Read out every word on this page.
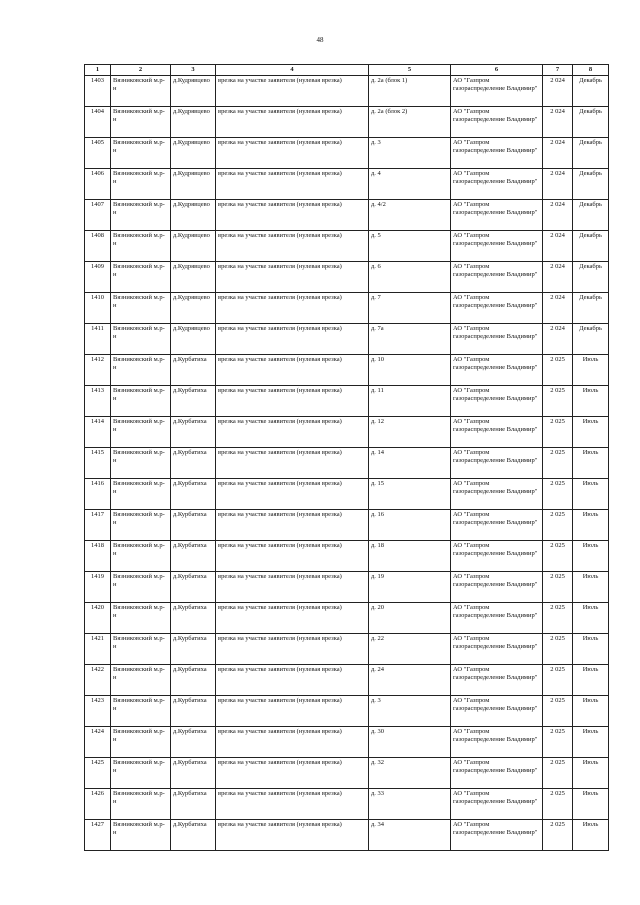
48
1	2	3	4	5	6	7	8
1403	Вязниковский м.р-н	д.Кудрявцево	врезка на участке заявителя (нулевая врезка)	д. 2а (блок 1)	АО "Газпром газораспределение Владимир"	2 024	Декабрь
1404	Вязниковский м.р-н	д.Кудрявцево	врезка на участке заявителя (нулевая врезка)	д. 2а (блок 2)	АО "Газпром газораспределение Владимир"	2 024	Декабрь
1405	Вязниковский м.р-н	д.Кудрявцево	врезка на участке заявителя (нулевая врезка)	д. 3	АО "Газпром газораспределение Владимир"	2 024	Декабрь
1406	Вязниковский м.р-н	д.Кудрявцево	врезка на участке заявителя (нулевая врезка)	д. 4	АО "Газпром газораспределение Владимир"	2 024	Декабрь
1407	Вязниковский м.р-н	д.Кудрявцево	врезка на участке заявителя (нулевая врезка)	д. 4/2	АО "Газпром газораспределение Владимир"	2 024	Декабрь
1408	Вязниковский м.р-н	д.Кудрявцево	врезка на участке заявителя (нулевая врезка)	д. 5	АО "Газпром газораспределение Владимир"	2 024	Декабрь
1409	Вязниковский м.р-н	д.Кудрявцево	врезка на участке заявителя (нулевая врезка)	д. 6	АО "Газпром газораспределение Владимир"	2 024	Декабрь
1410	Вязниковский м.р-н	д.Кудрявцево	врезка на участке заявителя (нулевая врезка)	д. 7	АО "Газпром газораспределение Владимир"	2 024	Декабрь
1411	Вязниковский м.р-н	д.Кудрявцево	врезка на участке заявителя (нулевая врезка)	д. 7а	АО "Газпром газораспределение Владимир"	2 024	Декабрь
1412	Вязниковский м.р-н	д.Курбатиха	врезка на участке заявителя (нулевая врезка)	д. 10	АО "Газпром газораспределение Владимир"	2 025	Июль
1413	Вязниковский м.р-н	д.Курбатиха	врезка на участке заявителя (нулевая врезка)	д. 11	АО "Газпром газораспределение Владимир"	2 025	Июль
1414	Вязниковский м.р-н	д.Курбатиха	врезка на участке заявителя (нулевая врезка)	д. 12	АО "Газпром газораспределение Владимир"	2 025	Июль
1415	Вязниковский м.р-н	д.Курбатиха	врезка на участке заявителя (нулевая врезка)	д. 14	АО "Газпром газораспределение Владимир"	2 025	Июль
1416	Вязниковский м.р-н	д.Курбатиха	врезка на участке заявителя (нулевая врезка)	д. 15	АО "Газпром газораспределение Владимир"	2 025	Июль
1417	Вязниковский м.р-н	д.Курбатиха	врезка на участке заявителя (нулевая врезка)	д. 16	АО "Газпром газораспределение Владимир"	2 025	Июль
1418	Вязниковский м.р-н	д.Курбатиха	врезка на участке заявителя (нулевая врезка)	д. 18	АО "Газпром газораспределение Владимир"	2 025	Июль
1419	Вязниковский м.р-н	д.Курбатиха	врезка на участке заявителя (нулевая врезка)	д. 19	АО "Газпром газораспределение Владимир"	2 025	Июль
1420	Вязниковский м.р-н	д.Курбатиха	врезка на участке заявителя (нулевая врезка)	д. 20	АО "Газпром газораспределение Владимир"	2 025	Июль
1421	Вязниковский м.р-н	д.Курбатиха	врезка на участке заявителя (нулевая врезка)	д. 22	АО "Газпром газораспределение Владимир"	2 025	Июль
1422	Вязниковский м.р-н	д.Курбатиха	врезка на участке заявителя (нулевая врезка)	д. 24	АО "Газпром газораспределение Владимир"	2 025	Июль
1423	Вязниковский м.р-н	д.Курбатиха	врезка на участке заявителя (нулевая врезка)	д. 3	АО "Газпром газораспределение Владимир"	2 025	Июль
1424	Вязниковский м.р-н	д.Курбатиха	врезка на участке заявителя (нулевая врезка)	д. 30	АО "Газпром газораспределение Владимир"	2 025	Июль
1425	Вязниковский м.р-н	д.Курбатиха	врезка на участке заявителя (нулевая врезка)	д. 32	АО "Газпром газораспределение Владимир"	2 025	Июль
1426	Вязниковский м.р-н	д.Курбатиха	врезка на участке заявителя (нулевая врезка)	д. 33	АО "Газпром газораспределение Владимир"	2 025	Июль
1427	Вязниковский м.р-н	д.Курбатиха	врезка на участке заявителя (нулевая врезка)	д. 34	АО "Газпром газораспределение Владимир"	2 025	Июль
